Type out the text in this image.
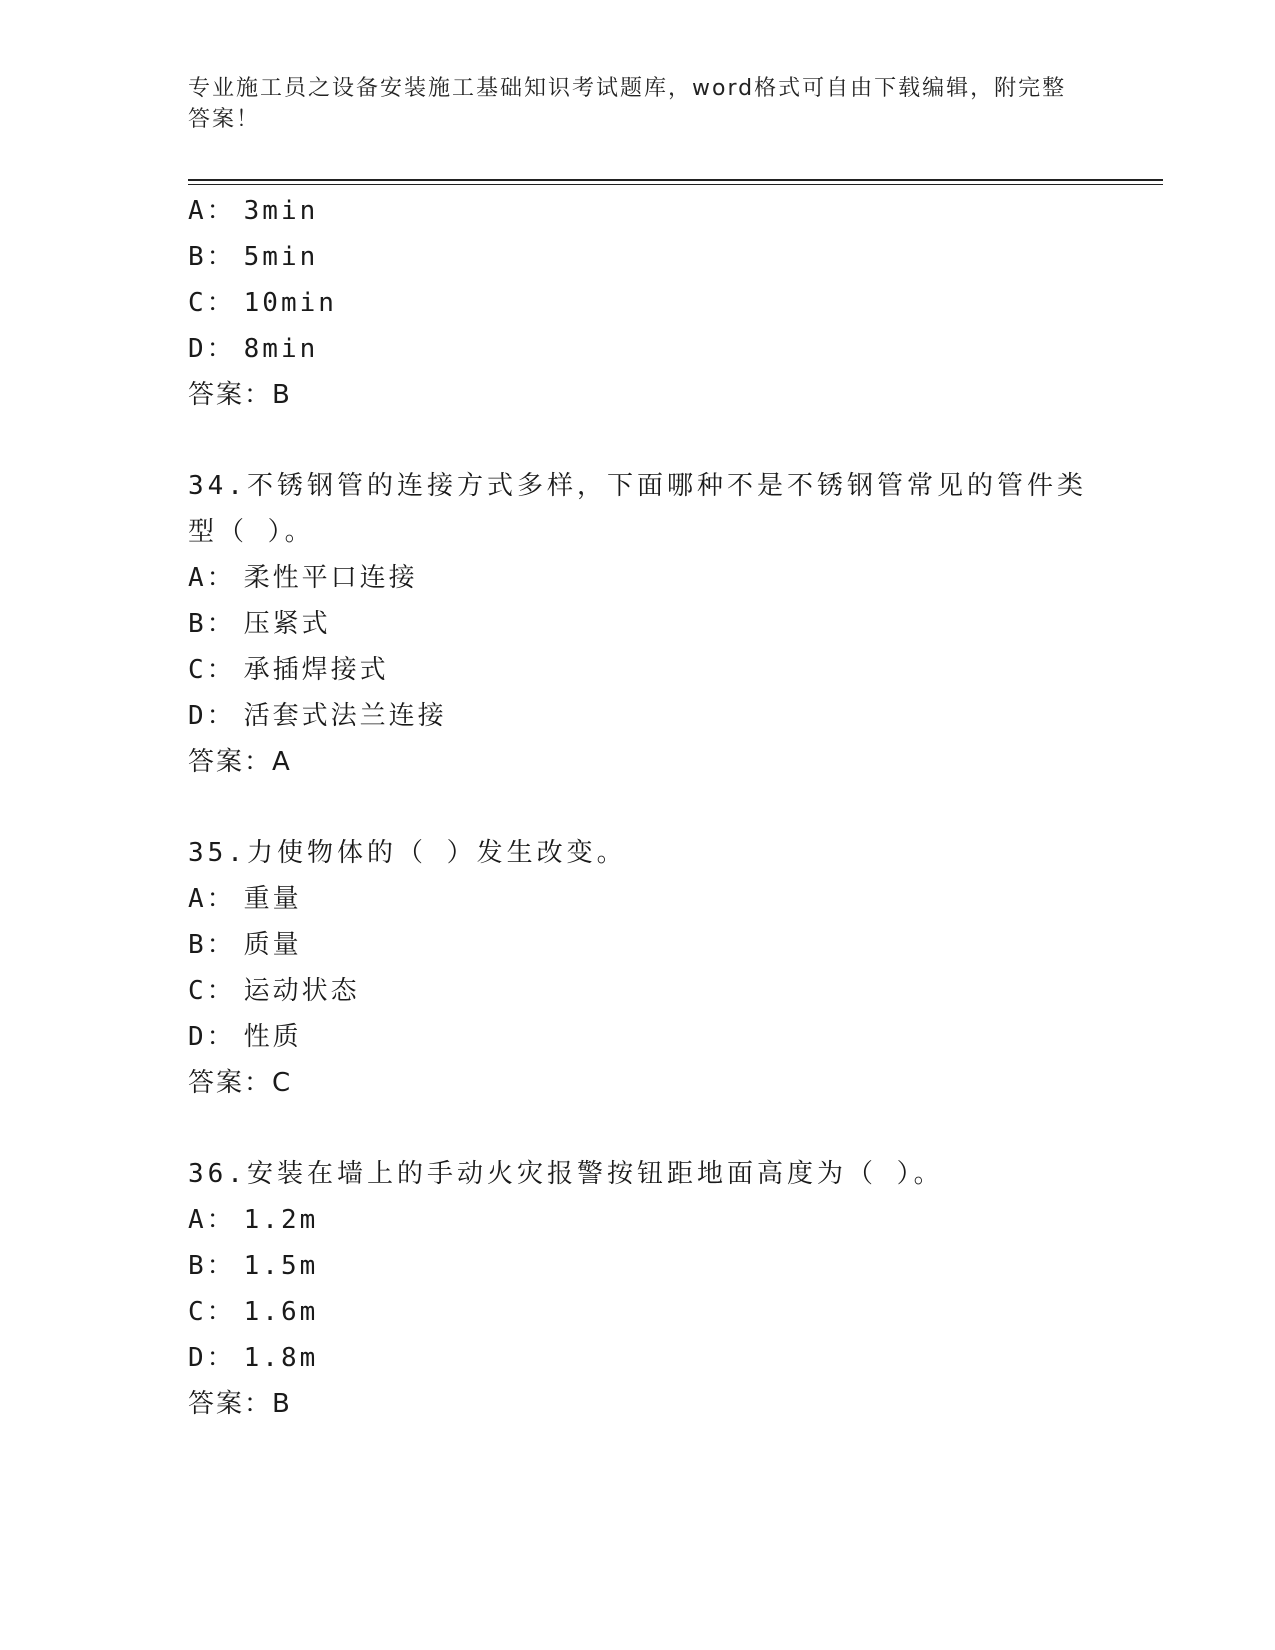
专业施工员之设备安装施工基础知识考试题库，word格式可自由下载编辑，附完整答案！
A： 3min
B： 5min
C： 10min
D： 8min
答案：B
34.不锈钢管的连接方式多样，下面哪种不是不锈钢管常见的管件类型（ ）。
A： 柔性平口连接
B： 压紧式
C： 承插焊接式
D： 活套式法兰连接
答案：A
35.力使物体的（ ）发生改变。
A： 重量
B： 质量
C： 运动状态
D： 性质
答案：C
36.安装在墙上的手动火灾报警按钮距地面高度为（ ）。
A： 1.2m
B： 1.5m
C： 1.6m
D： 1.8m
答案：B
